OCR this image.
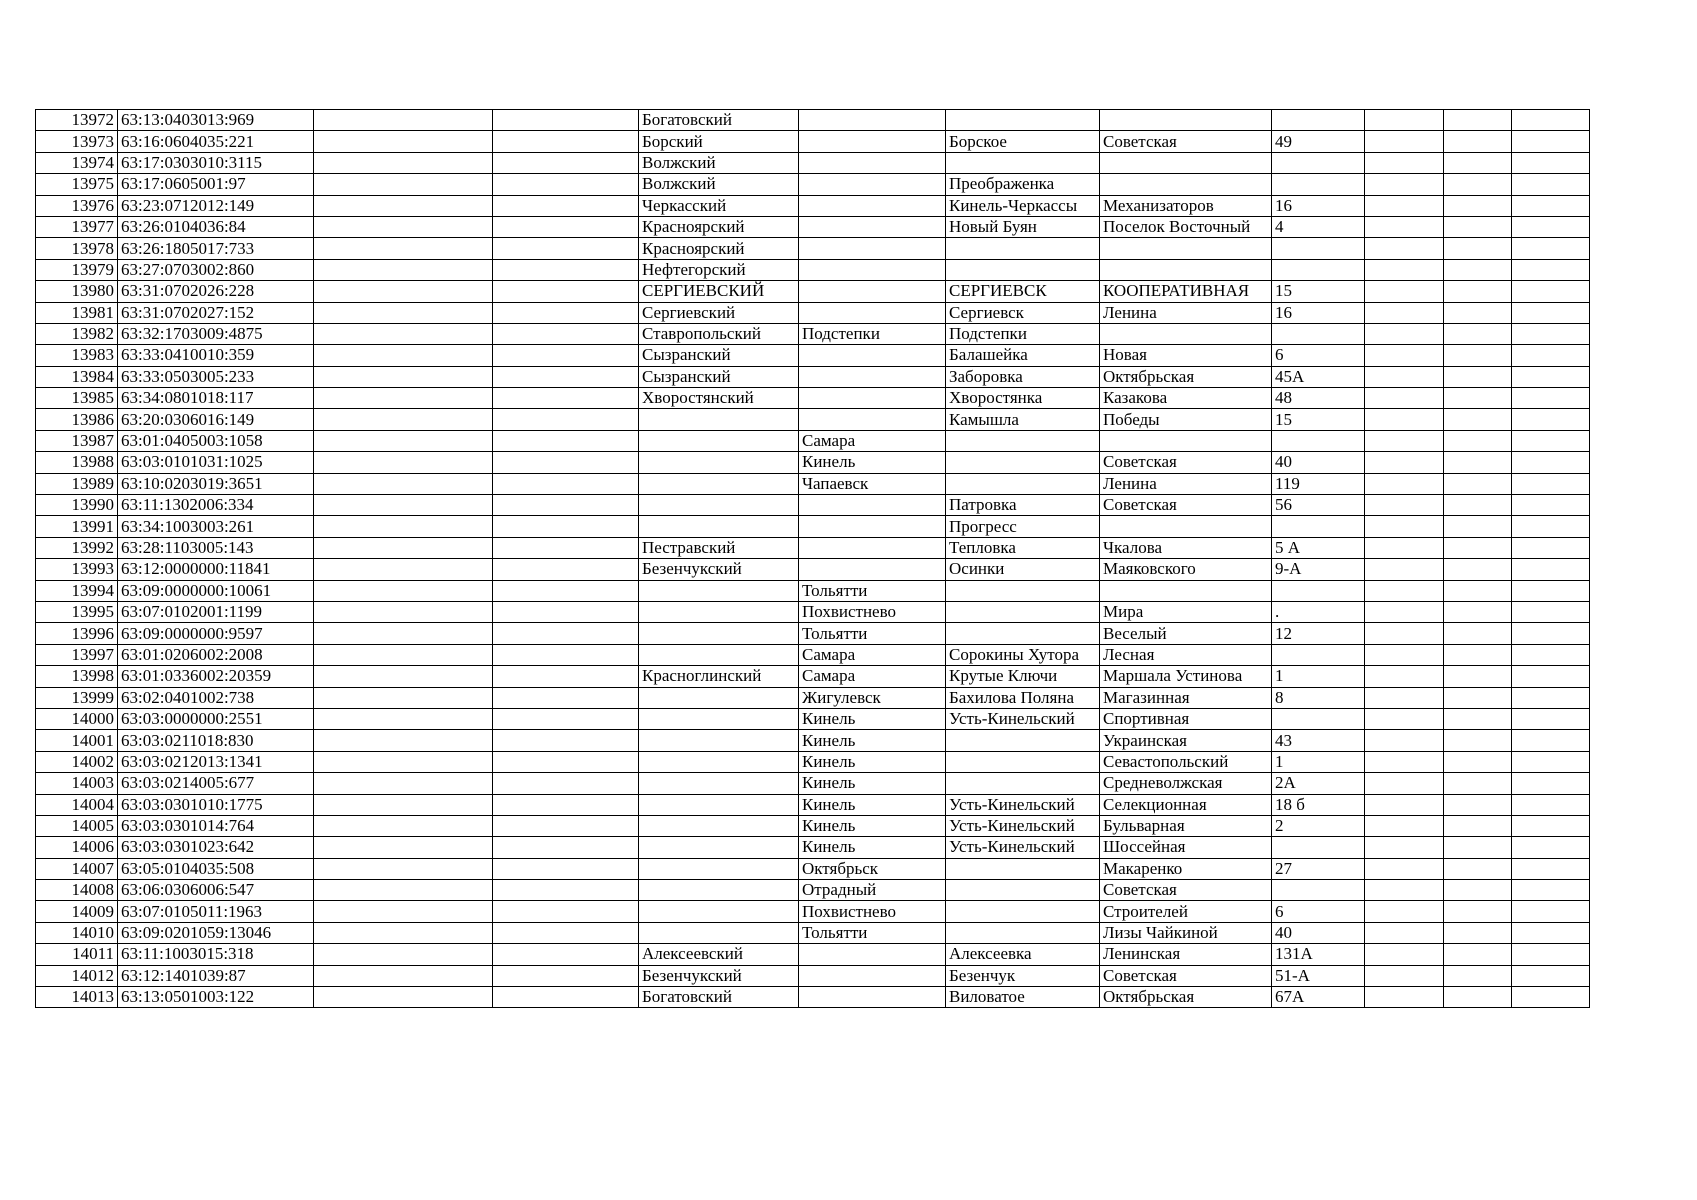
13972	63:13:0403013:969			Богатовский							
13973	63:16:0604035:221			Борский		Борское	Советская	49			
13974	63:17:0303010:3115			Волжский							
13975	63:17:0605001:97			Волжский		Преображенка					
13976	63:23:0712012:149			Черкасский		Кинель-Черкассы	Механизаторов	16			
13977	63:26:0104036:84			Красноярский		Новый Буян	Поселок Восточный	4			
13978	63:26:1805017:733			Красноярский							
13979	63:27:0703002:860			Нефтегорский							
13980	63:31:0702026:228			СЕРГИЕВСКИЙ		СЕРГИЕВСК	КООПЕРАТИВНАЯ	15			
13981	63:31:0702027:152			Сергиевский		Сергиевск	Ленина	16			
13982	63:32:1703009:4875			Ставропольский	Подстепки	Подстепки					
13983	63:33:0410010:359			Сызранский		Балашейка	Новая	6			
13984	63:33:0503005:233			Сызранский		Заборовка	Октябрьская	45А			
13985	63:34:0801018:117			Хворостянский		Хворостянка	Казакова	48			
13986	63:20:0306016:149					Камышла	Победы	15			
13987	63:01:0405003:1058				Самара						
13988	63:03:0101031:1025				Кинель		Советская	40			
13989	63:10:0203019:3651				Чапаевск		Ленина	119			
13990	63:11:1302006:334					Патровка	Советская	56			
13991	63:34:1003003:261					Прогресс					
13992	63:28:1103005:143			Пестравский		Тепловка	Чкалова	5 А			
13993	63:12:0000000:11841			Безенчукский		Осинки	Маяковского	9-А			
13994	63:09:0000000:10061				Тольятти						
13995	63:07:0102001:1199				Похвистнево		Мира	.			
13996	63:09:0000000:9597				Тольятти		Веселый	12			
13997	63:01:0206002:2008				Самара	Сорокины Хутора	Лесная				
13998	63:01:0336002:20359			Красноглинский	Самара	Крутые Ключи	Маршала Устинова	1			
13999	63:02:0401002:738				Жигулевск	Бахилова Поляна	Магазинная	8			
14000	63:03:0000000:2551				Кинель	Усть-Кинельский	Спортивная				
14001	63:03:0211018:830				Кинель		Украинская	43			
14002	63:03:0212013:1341				Кинель		Севастопольский	1			
14003	63:03:0214005:677				Кинель		Средневолжская	2А			
14004	63:03:0301010:1775				Кинель	Усть-Кинельский	Селекционная	18 б			
14005	63:03:0301014:764				Кинель	Усть-Кинельский	Бульварная	2			
14006	63:03:0301023:642				Кинель	Усть-Кинельский	Шоссейная				
14007	63:05:0104035:508				Октябрьск		Макаренко	27			
14008	63:06:0306006:547				Отрадный		Советская				
14009	63:07:0105011:1963				Похвистнево		Строителей	6			
14010	63:09:0201059:13046				Тольятти		Лизы Чайкиной	40			
14011	63:11:1003015:318			Алексеевский		Алексеевка	Ленинская	131А			
14012	63:12:1401039:87			Безенчукский		Безенчук	Советская	51-А			
14013	63:13:0501003:122			Богатовский		Виловатое	Октябрьская	67А			
